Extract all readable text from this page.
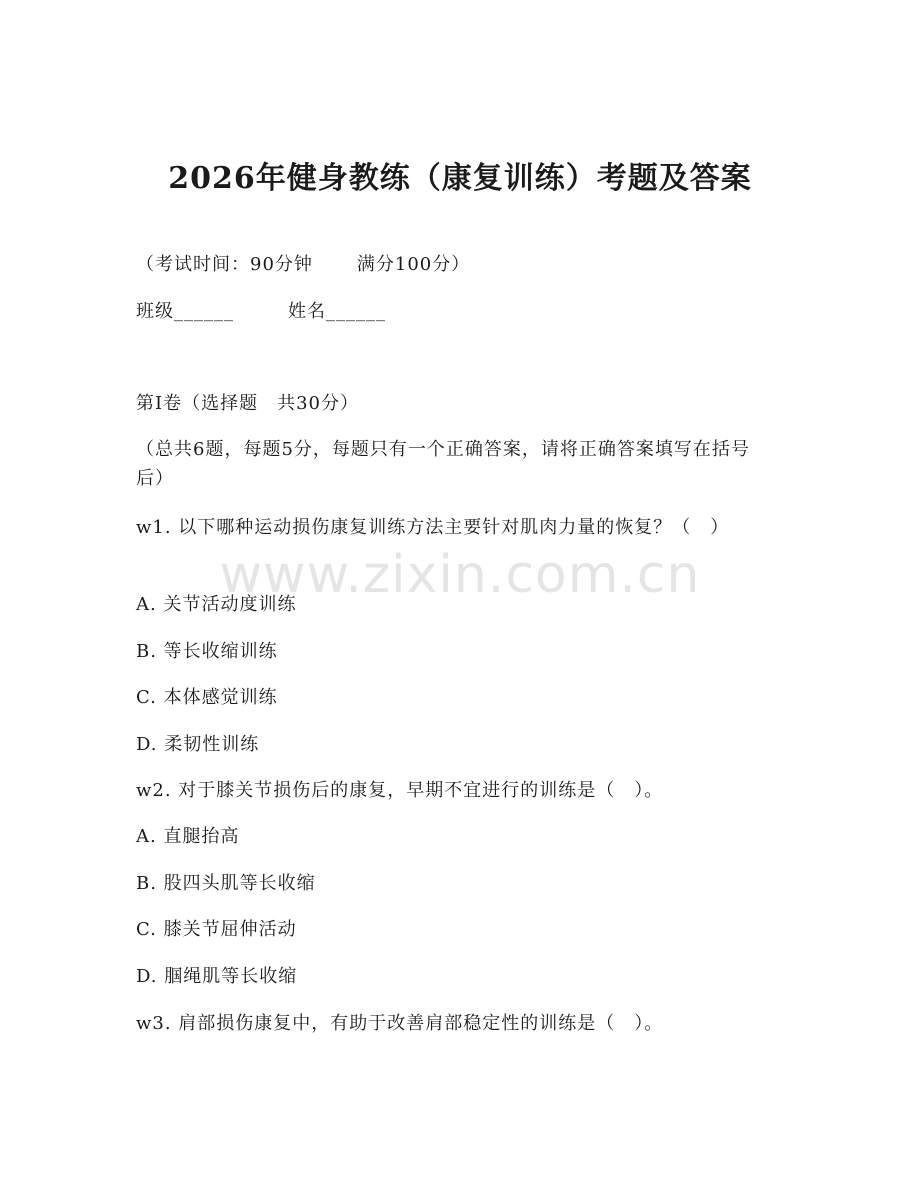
2026年健身教练（康复训练）考题及答案

（考试时间：90分钟 满分100分）

班级______	姓名______

第I卷（选择题　共30分）

（总共6题，每题5分，每题只有一个正确答案，请将正确答案填写在括号后）

w1. 以下哪种运动损伤康复训练方法主要针对肌肉力量的恢复？（　）

A. 关节活动度训练

B. 等长收缩训练

C. 本体感觉训练

D. 柔韧性训练

w2. 对于膝关节损伤后的康复，早期不宜进行的训练是（　）。

A. 直腿抬高

B. 股四头肌等长收缩

C. 膝关节屈伸活动

D. 腘绳肌等长收缩

w3. 肩部损伤康复中，有助于改善肩部稳定性的训练是（　）。

www.zixin.com.cn
